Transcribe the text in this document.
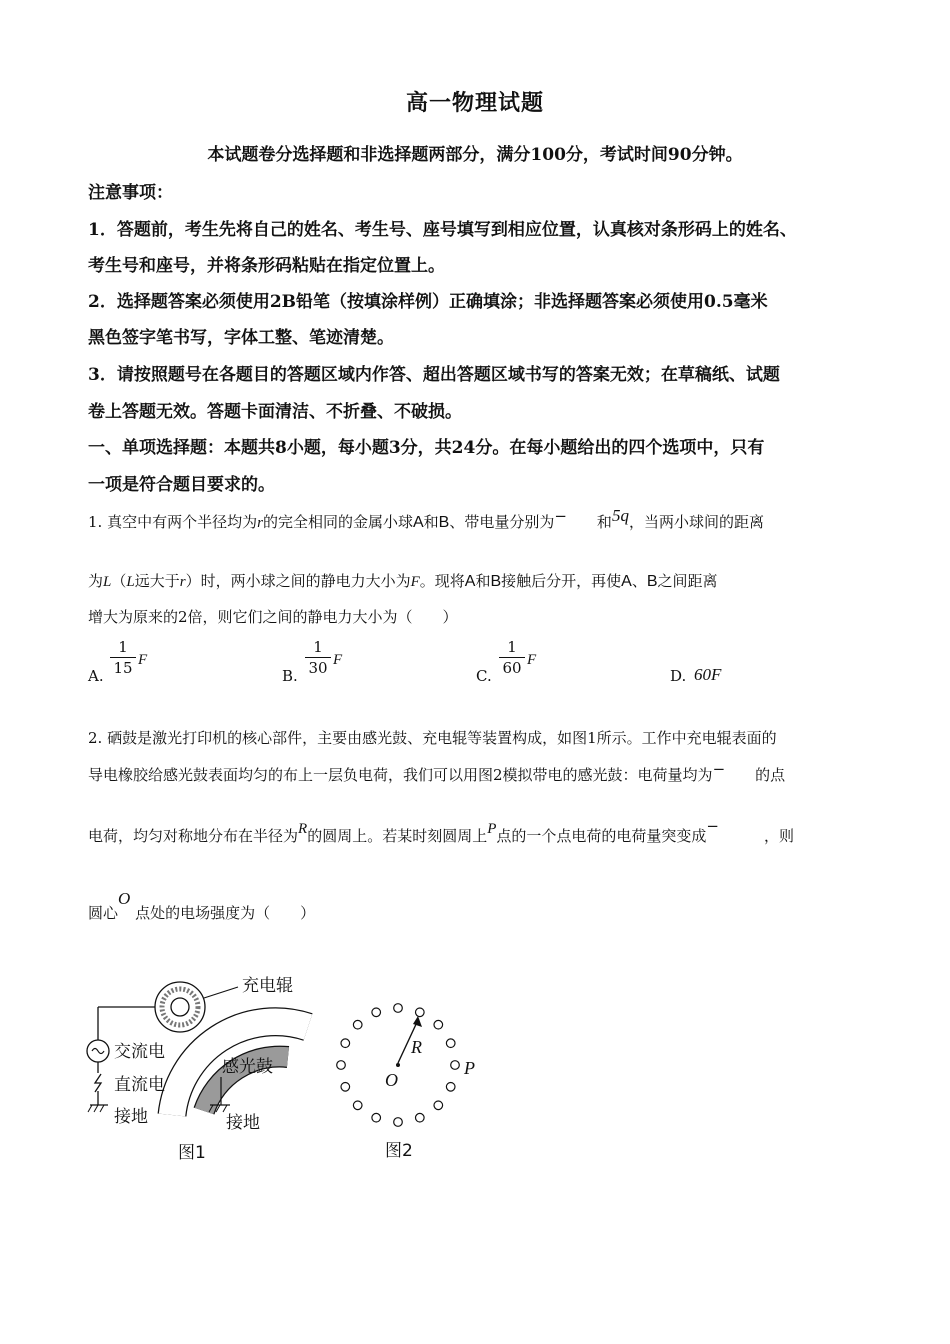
高一物理试题
本试题卷分选择题和非选择题两部分，满分100分，考试时间90分钟。
注意事项：
1．答题前，考生先将自己的姓名、考生号、座号填写到相应位置，认真核对条形码上的姓名、
考生号和座号，并将条形码粘贴在指定位置上。
2．选择题答案必须使用2B铅笔（按填涂样例）正确填涂；非选择题答案必须使用0.5毫米
黑色签字笔书写，字体工整、笔迹清楚。
3．请按照题号在各题目的答题区域内作答、超出答题区域书写的答案无效；在草稿纸、试题
卷上答题无效。答题卡面清洁、不折叠、不破损。
一、单项选择题：本题共8小题，每小题3分，共24分。在每小题给出的四个选项中，只有
一项是符合题目要求的。
1. 真空中有两个半径均为r的完全相同的金属小球A和B、带电量分别为−　　 和5q，当两小球间的距离
为L（L远大于r）时，两小球之间的静电力大小为F。现将A和B接触后分开，再使A、B之间距离
增大为原来的2倍，则它们之间的静电力大小为（　　）
A.
1
15 F
B.
1
30 F
C.
1
60 F
D. 60F
2. 硒鼓是激光打印机的核心部件，主要由感光鼓、充电辊等装置构成，如图1所示。工作中充电辊表面的
导电橡胶给感光鼓表面均匀的布上一层负电荷，我们可以用图2模拟带电的感光鼓：电荷量均为−　　 的点
电荷，均匀对称地分布在半径为R的圆周上。若某时刻圆周上P点的一个点电荷的电荷量突变成−　　　，则
圆心O 点处的电场强度为（　　）
充电辊
交流电
直流电
接地
感光鼓
接地
图1
R
O
P
图2
